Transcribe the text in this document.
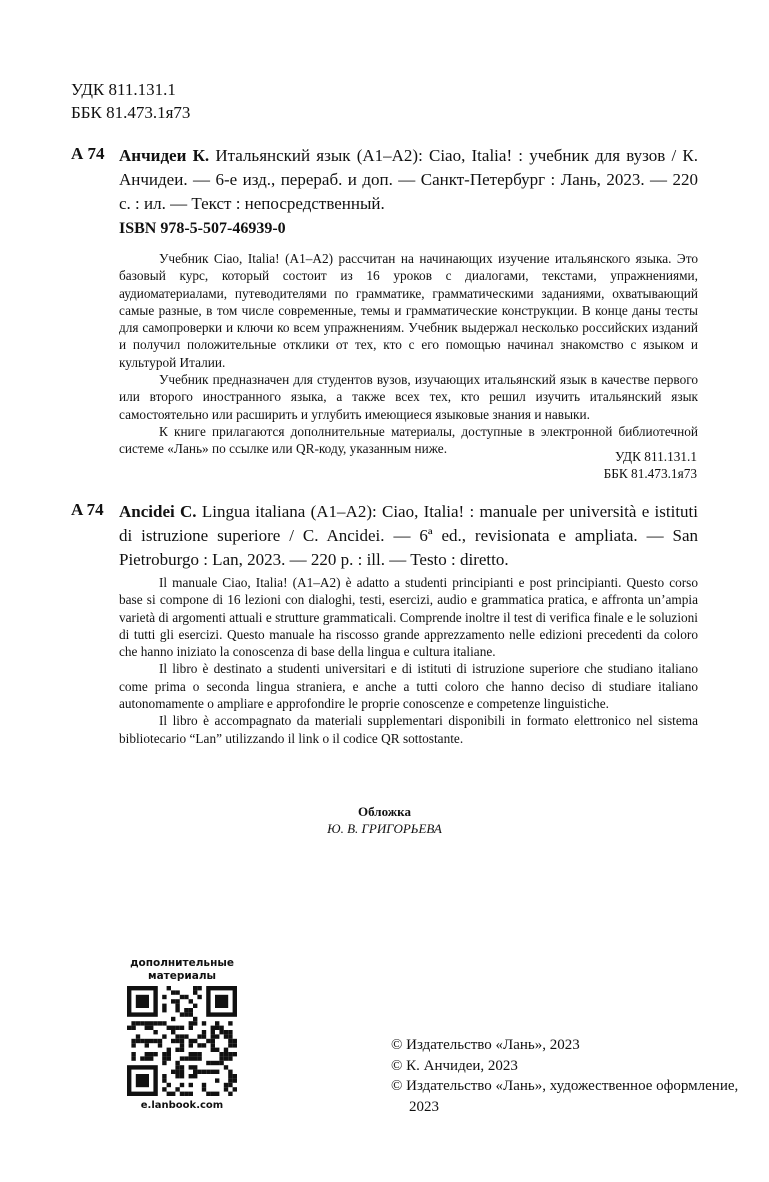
УДК 811.131.1
ББК 81.473.1я73
А 74 Анчидеи К. Итальянский язык (А1–А2): Ciao, Italia! : учебник для вузов / К. Анчидеи. — 6-е изд., перераб. и доп. — Санкт-Петербург : Лань, 2023. — 220 с. : ил. — Текст : непосредственный.
ISBN 978-5-507-46939-0

Учебник Ciao, Italia! (A1–A2) рассчитан на начинающих изучение итальянского языка. Это базовый курс, который состоит из 16 уроков с диалогами, текстами, упражнениями, аудиоматериалами, путеводителями по грамматике, грамматическими заданиями, охватывающий самые разные, в том числе современные, темы и грамматические конструкции. В конце даны тесты для самопроверки и ключи ко всем упражнениям. Учебник выдержал несколько российских изданий и получил положительные отклики от тех, кто с его помощью начинал знакомство с языком и культурой Италии.

Учебник предназначен для студентов вузов, изучающих итальянский язык в качестве первого или второго иностранного языка, а также всех тех, кто решил изучить итальянский язык самостоятельно или расширить и углубить имеющиеся языковые знания и навыки.

К книге прилагаются дополнительные материалы, доступные в электронной библиотечной системе «Лань» по ссылке или QR-коду, указанным ниже.

УДК 811.131.1
ББК 81.473.1я73
A 74 Ancidei C. Lingua italiana (A1–A2): Ciao, Italia! : manuale per università e istituti di istruzione superiore / C. Ancidei. — 6ª ed., revisionata e ampliata. — San Pietroburgo : Lan, 2023. — 220 p. : ill. — Testo : diretto.

Il manuale Ciao, Italia! (A1–A2) è adatto a studenti principianti e post principianti. Questo corso base si compone di 16 lezioni con dialoghi, testi, esercizi, audio e grammatica pratica, e affronta un’ampia varietà di argomenti attuali e strutture grammaticali. Comprende inoltre il test di verifica finale e le soluzioni di tutti gli esercizi. Questo manuale ha riscosso grande apprezzamento nelle edizioni precedenti da coloro che hanno iniziato la conoscenza di base della lingua e cultura italiane.

Il libro è destinato a studenti universitari e di istituti di istruzione superiore che studiano italiano come prima o seconda lingua straniera, e anche a tutti coloro che hanno deciso di studiare italiano autonomamente o ampliare e approfondire le proprie conoscenze e competenze linguistiche.

Il libro è accompagnato da materiali supplementari disponibili in formato elettronico nel sistema bibliotecario “Lan” utilizzando il link o il codice QR sottostante.

Обложка
Ю. В. ГРИГОРЬЕВА
дополнительные материалы
e.lanbook.com
© Издательство «Лань», 2023
© К. Анчидеи, 2023
© Издательство «Лань», художественное оформление, 2023
